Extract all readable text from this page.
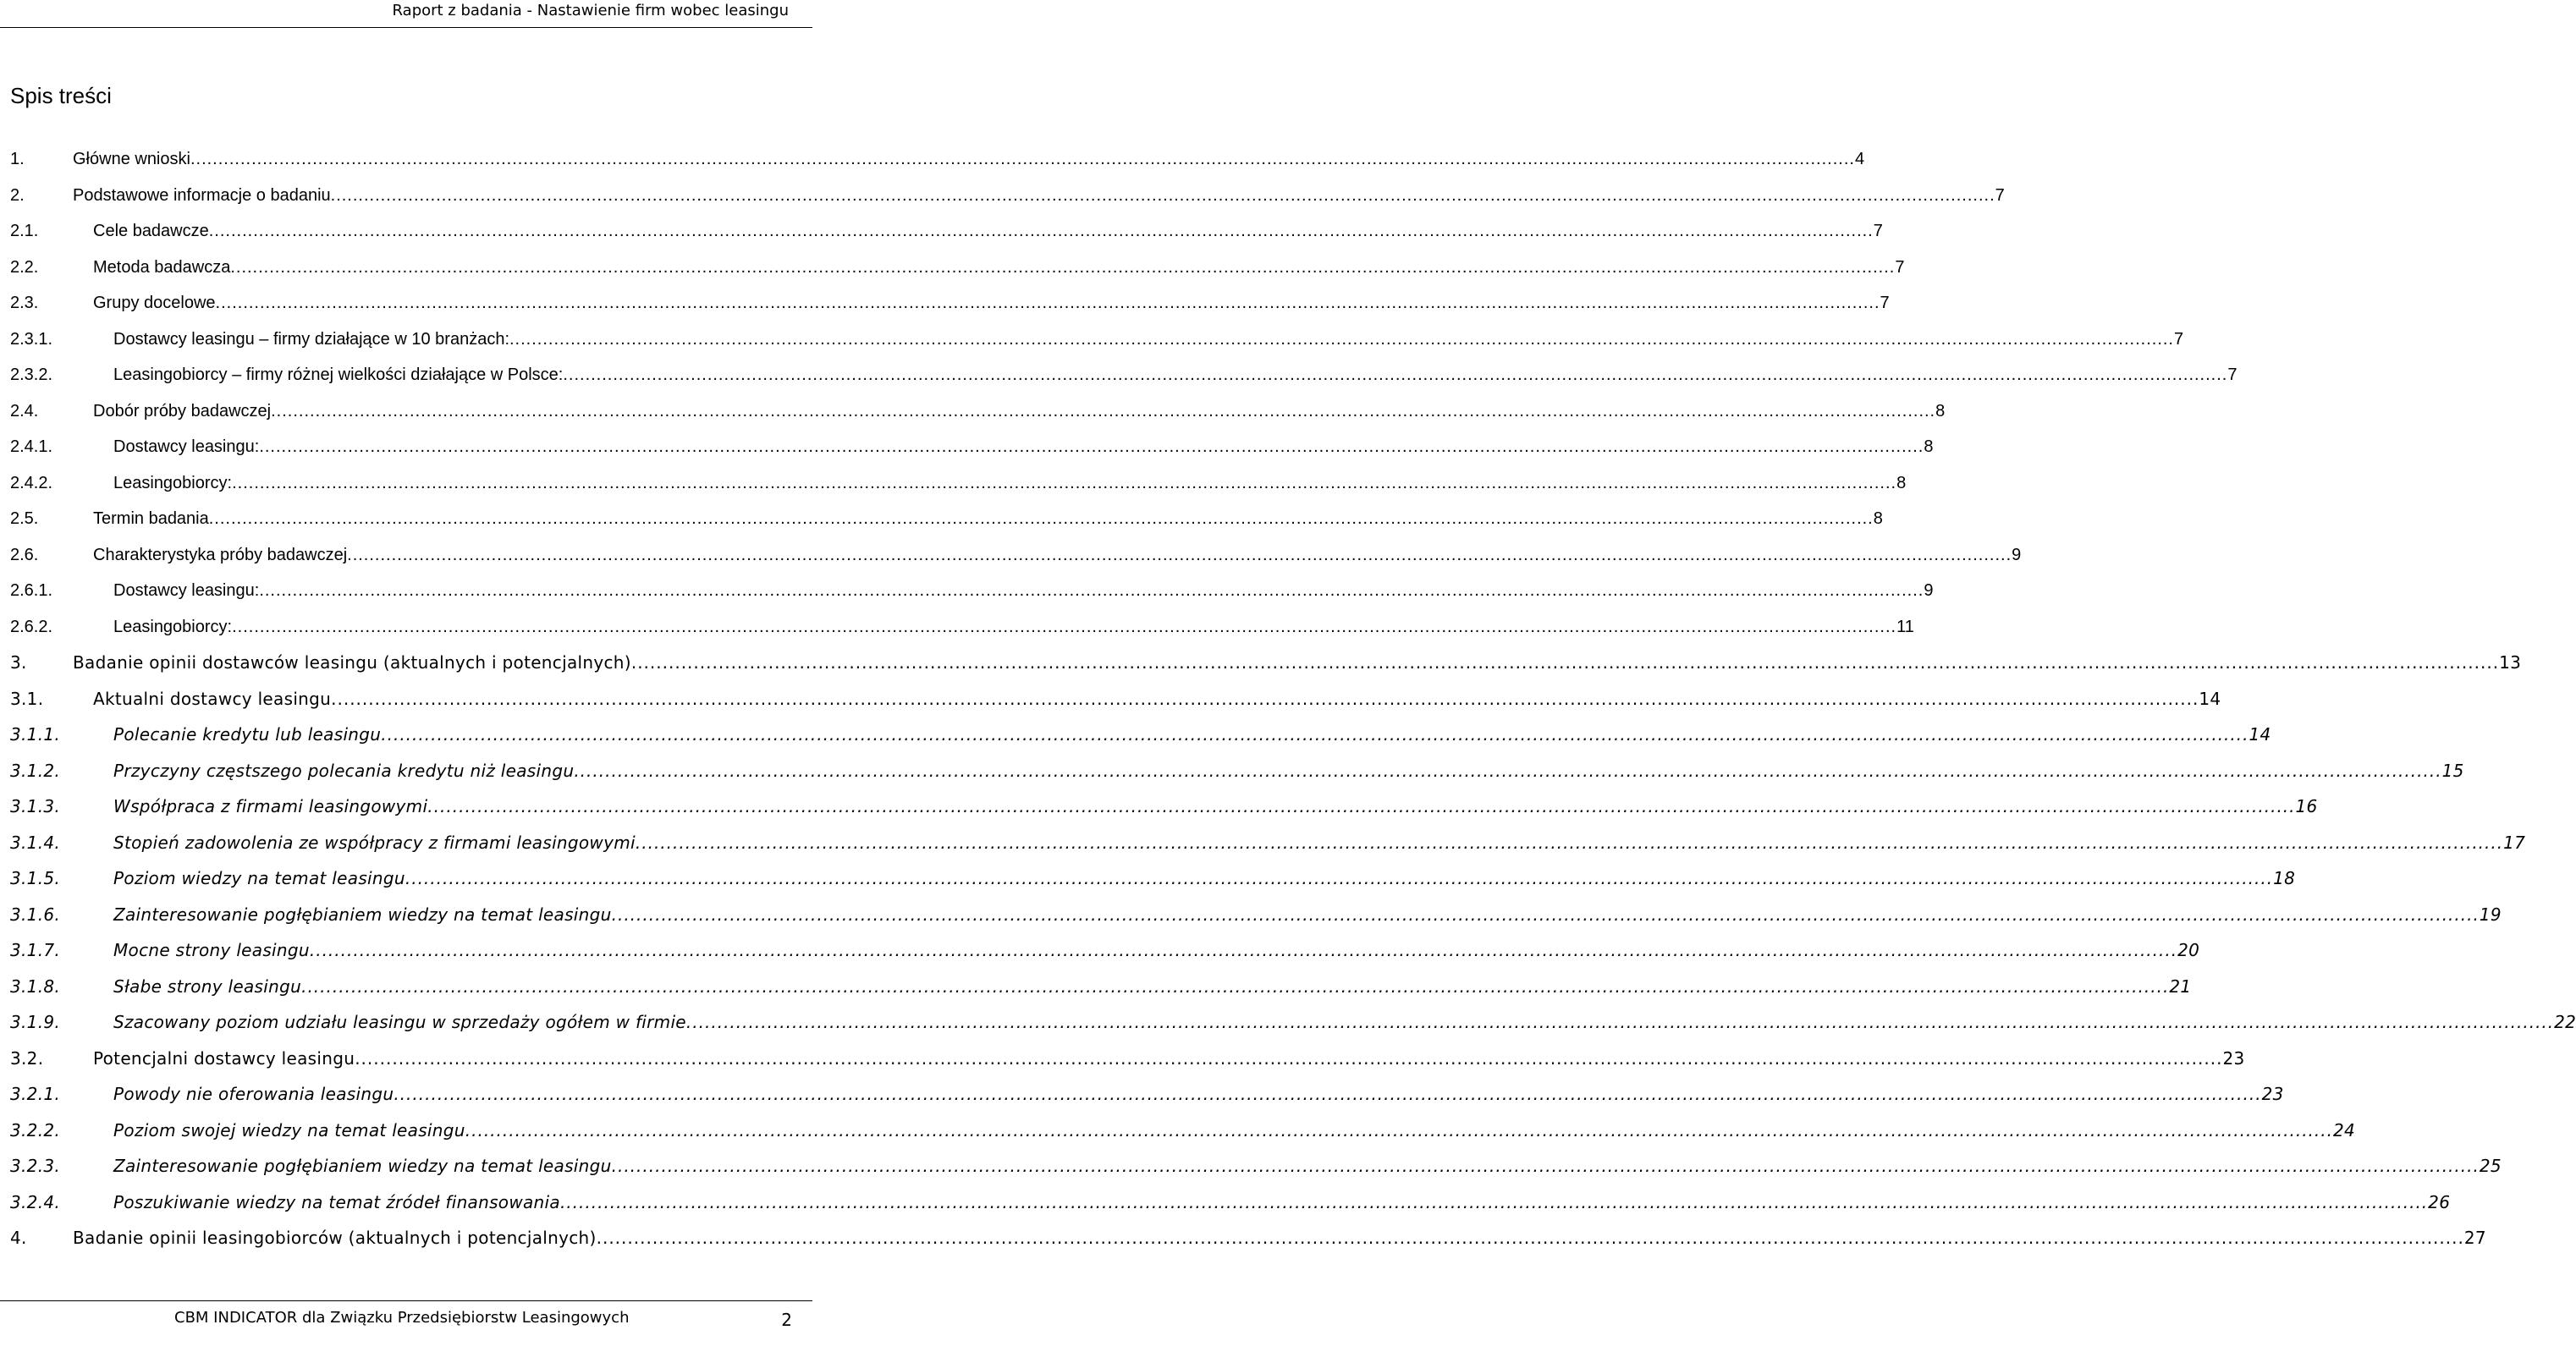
Raport z badania - Nastawienie firm wobec leasingu
Spis treści
1.	Główne wnioski ............................................................................................................................................................................................................................................................................................................ 4
2.	Podstawowe informacje o badaniu ............................................................................................................................................................................................................................................................................................................ 7
2.1.	Cele badawcze ............................................................................................................................................................................................................................................................................................................ 7
2.2.	Metoda badawcza ............................................................................................................................................................................................................................................................................................................ 7
2.3.	Grupy docelowe ............................................................................................................................................................................................................................................................................................................ 7
2.3.1.	Dostawcy leasingu – firmy działające w 10 branżach: ............................................................................................................................................................................................................................................................................................................ 7
2.3.2.	Leasingobiorcy – firmy różnej wielkości działające w Polsce: ............................................................................................................................................................................................................................................................................................................ 7
2.4.	Dobór próby badawczej ............................................................................................................................................................................................................................................................................................................ 8
2.4.1.	Dostawcy leasingu: ............................................................................................................................................................................................................................................................................................................ 8
2.4.2.	Leasingobiorcy: ............................................................................................................................................................................................................................................................................................................ 8
2.5.	Termin badania ............................................................................................................................................................................................................................................................................................................ 8
2.6.	Charakterystyka próby badawczej ............................................................................................................................................................................................................................................................................................................ 9
2.6.1.	Dostawcy leasingu: ............................................................................................................................................................................................................................................................................................................ 9
2.6.2.	Leasingobiorcy: ............................................................................................................................................................................................................................................................................................................ 11
3.	Badanie opinii dostawców leasingu (aktualnych i potencjalnych) ............................................................................................................................................................................................................................................................................................................ 13
3.1.	Aktualni dostawcy leasingu ............................................................................................................................................................................................................................................................................................................ 14
3.1.1.	Polecanie kredytu lub leasingu ............................................................................................................................................................................................................................................................................................................ 14
3.1.2.	Przyczyny częstszego polecania kredytu niż leasingu ............................................................................................................................................................................................................................................................................................................ 15
3.1.3.	Współpraca z firmami leasingowymi ............................................................................................................................................................................................................................................................................................................ 16
3.1.4.	Stopień zadowolenia ze współpracy z firmami leasingowymi ............................................................................................................................................................................................................................................................................................................ 17
3.1.5.	Poziom wiedzy na temat leasingu ............................................................................................................................................................................................................................................................................................................ 18
3.1.6.	Zainteresowanie pogłębianiem wiedzy na temat leasingu ............................................................................................................................................................................................................................................................................................................ 19
3.1.7.	Mocne strony leasingu ............................................................................................................................................................................................................................................................................................................ 20
3.1.8.	Słabe strony leasingu ............................................................................................................................................................................................................................................................................................................ 21
3.1.9.	Szacowany poziom udziału leasingu w sprzedaży ogółem w firmie ............................................................................................................................................................................................................................................................................................................ 22
3.2.	Potencjalni dostawcy leasingu ............................................................................................................................................................................................................................................................................................................ 23
3.2.1.	Powody nie oferowania leasingu ............................................................................................................................................................................................................................................................................................................ 23
3.2.2.	Poziom swojej wiedzy na temat leasingu ............................................................................................................................................................................................................................................................................................................ 24
3.2.3.	Zainteresowanie pogłębianiem wiedzy na temat leasingu ............................................................................................................................................................................................................................................................................................................ 25
3.2.4.	Poszukiwanie wiedzy na temat źródeł finansowania ............................................................................................................................................................................................................................................................................................................ 26
4.	Badanie opinii leasingobiorców (aktualnych i potencjalnych) ............................................................................................................................................................................................................................................................................................................ 27
CBM INDICATOR dla Związku Przedsiębiorstw Leasingowych	2
